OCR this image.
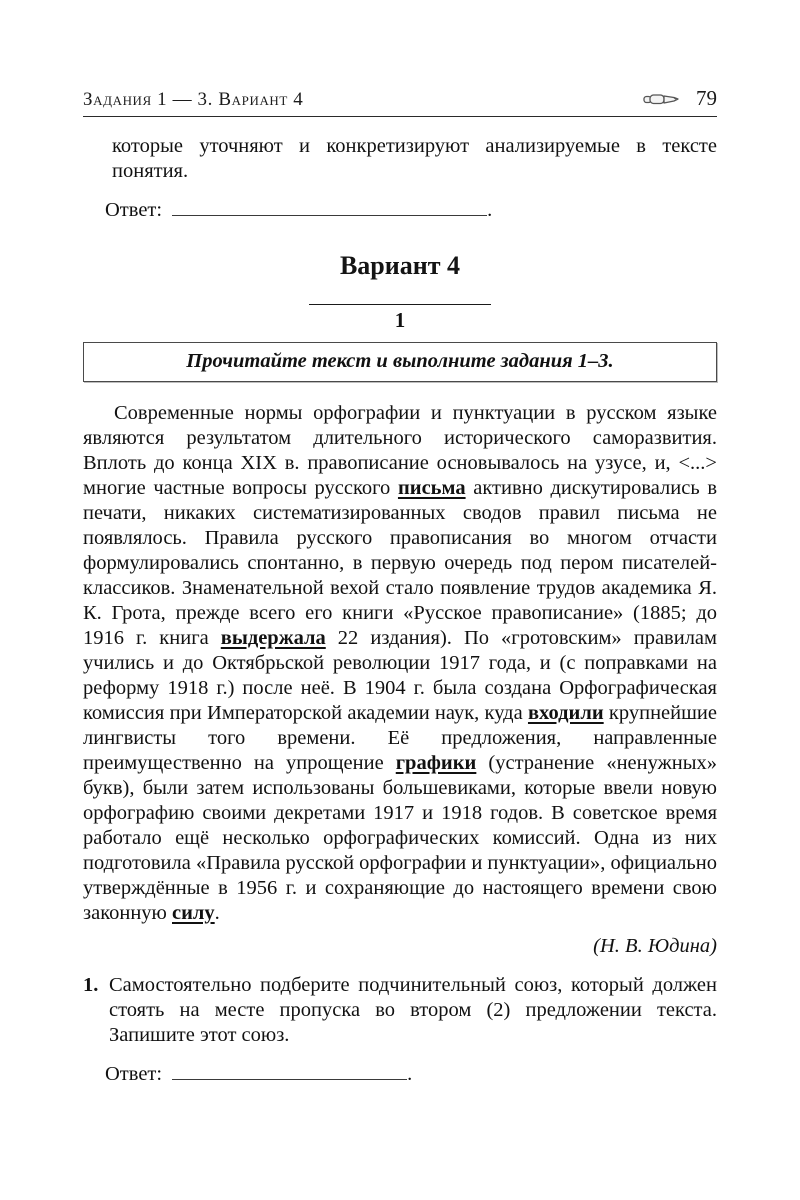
Задания 1 — 3. Вариант 4	79

которые уточняют и конкретизируют анализируемые в тексте понятия.

Ответ:	.
Вариант 4
1
Прочитайте текст и выполните задания 1–3.

Современные нормы орфографии и пунктуации в русском языке являются результатом длительного исторического саморазвития. Вплоть до конца XIX в. правописание основывалось на узусе, и, <...> многие частные вопросы русского письма активно дискутировались в печати, никаких систематизированных сводов правил письма не появлялось. Правила русского правописания во многом отчасти формулировались спонтанно, в первую очередь под пером писателей-классиков. Знаменательной вехой стало появление трудов академика Я. К. Грота, прежде всего его книги «Русское правописание» (1885; до 1916 г. книга выдержала 22 издания). По «гротовским» правилам учились и до Октябрьской революции 1917 года, и (с поправками на реформу 1918 г.) после неё. В 1904 г. была создана Орфографическая комиссия при Императорской академии наук, куда входили крупнейшие лингвисты того времени. Её предложения, направленные преимущественно на упрощение графики (устранение «ненужных» букв), были затем использованы большевиками, которые ввели новую орфографию своими декретами 1917 и 1918 годов. В советское время работало ещё несколько орфографических комиссий. Одна из них подготовила «Правила русской орфографии и пунктуации», официально утверждённые в 1956 г. и сохраняющие до настоящего времени свою законную силу.

(Н. В. Юдина)
1. Самостоятельно подберите подчинительный союз, который должен стоять на месте пропуска во втором (2) предложении текста. Запишите этот союз.

Ответ:	.
